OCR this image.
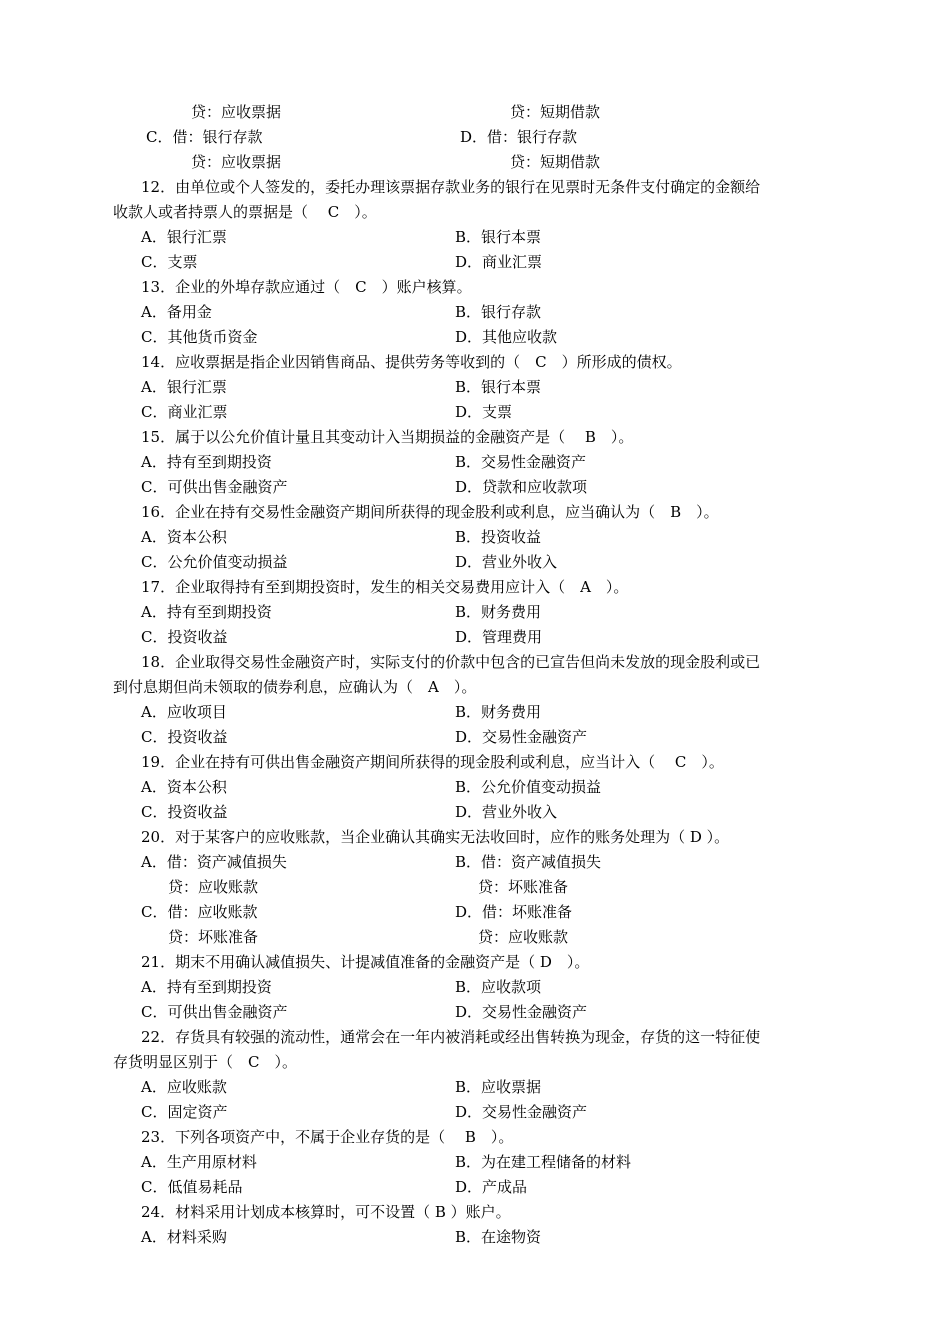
贷：应收票据	贷：短期借款
C．借：银行存款	D．借：银行存款
贷：应收票据	贷：短期借款
12．由单位或个人签发的，委托办理该票据存款业务的银行在见票时无条件支付确定的金额给
收款人或者持票人的票据是（　 C　）。
A．银行汇票	B．银行本票
C．支票	D．商业汇票
13．企业的外埠存款应通过（　C　）账户核算。
A．备用金	B．银行存款
C．其他货币资金	D．其他应收款
14．应收票据是指企业因销售商品、提供劳务等收到的（　C　）所形成的债权。
A．银行汇票	B．银行本票
C．商业汇票	D．支票
15．属于以公允价值计量且其变动计入当期损益的金融资产是（　 B　）。
A．持有至到期投资	B．交易性金融资产
C．可供出售金融资产	D．贷款和应收款项
16．企业在持有交易性金融资产期间所获得的现金股利或利息，应当确认为（　B　）。
A．资本公积	B．投资收益
C．公允价值变动损益	D．营业外收入
17．企业取得持有至到期投资时，发生的相关交易费用应计入（　A　）。
A．持有至到期投资	B．财务费用
C．投资收益	D．管理费用
18．企业取得交易性金融资产时，实际支付的价款中包含的已宣告但尚未发放的现金股利或已
到付息期但尚未领取的债券利息，应确认为（　A　）。
A．应收项目	B．财务费用
C．投资收益	D．交易性金融资产
19．企业在持有可供出售金融资产期间所获得的现金股利或利息，应当计入（　 C　）。
A．资本公积	B．公允价值变动损益
C．投资收益	D．营业外收入
20．对于某客户的应收账款，当企业确认其确实无法收回时，应作的账务处理为（ D ）。
A．借：资产减值损失	B．借：资产减值损失
贷：应收账款	贷：坏账准备
C．借：应收账款	D．借：坏账准备
贷：坏账准备	贷：应收账款
21．期末不用确认减值损失、计提减值准备的金融资产是（ D　）。
A．持有至到期投资	B．应收款项
C．可供出售金融资产	D．交易性金融资产
22．存货具有较强的流动性，通常会在一年内被消耗或经出售转换为现金，存货的这一特征使
存货明显区别于（　C　）。
A．应收账款	B．应收票据
C．固定资产	D．交易性金融资产
23．下列各项资产中，不属于企业存货的是（　 B　）。
A．生产用原材料	B．为在建工程储备的材料
C．低值易耗品	D．产成品
24．材料采用计划成本核算时，可不设置（ B ）账户。
A．材料采购	B．在途物资
